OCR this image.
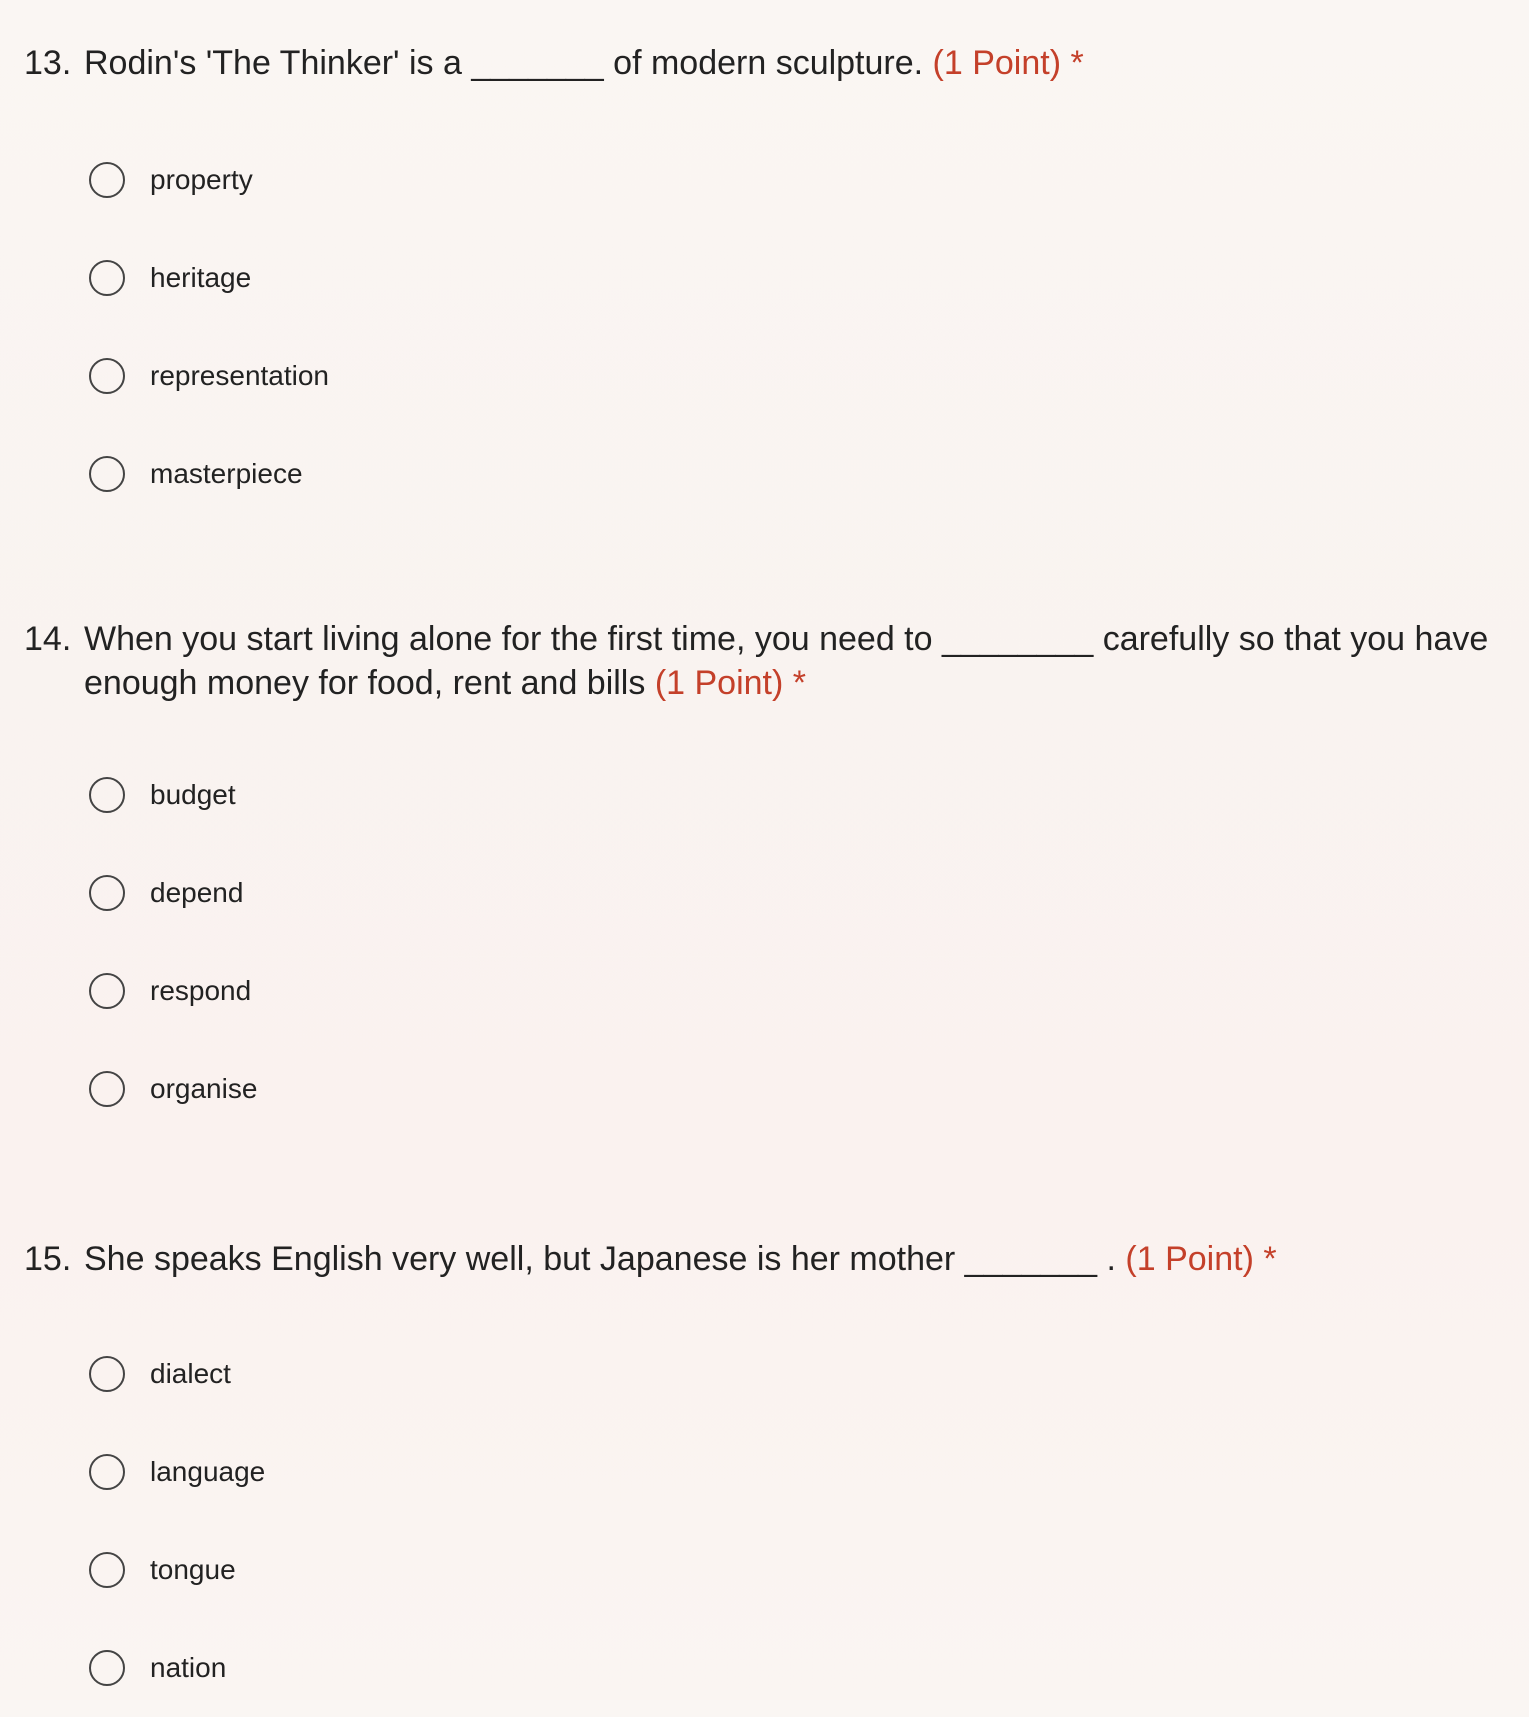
13. Rodin's 'The Thinker' is a _______ of modern sculpture. (1 Point) *
property
heritage
representation
masterpiece
14. When you start living alone for the first time, you need to ________ carefully so that you have enough money for food, rent and bills (1 Point) *
budget
depend
respond
organise
15. She speaks English very well, but Japanese is her mother _______ . (1 Point) *
dialect
language
tongue
nation
